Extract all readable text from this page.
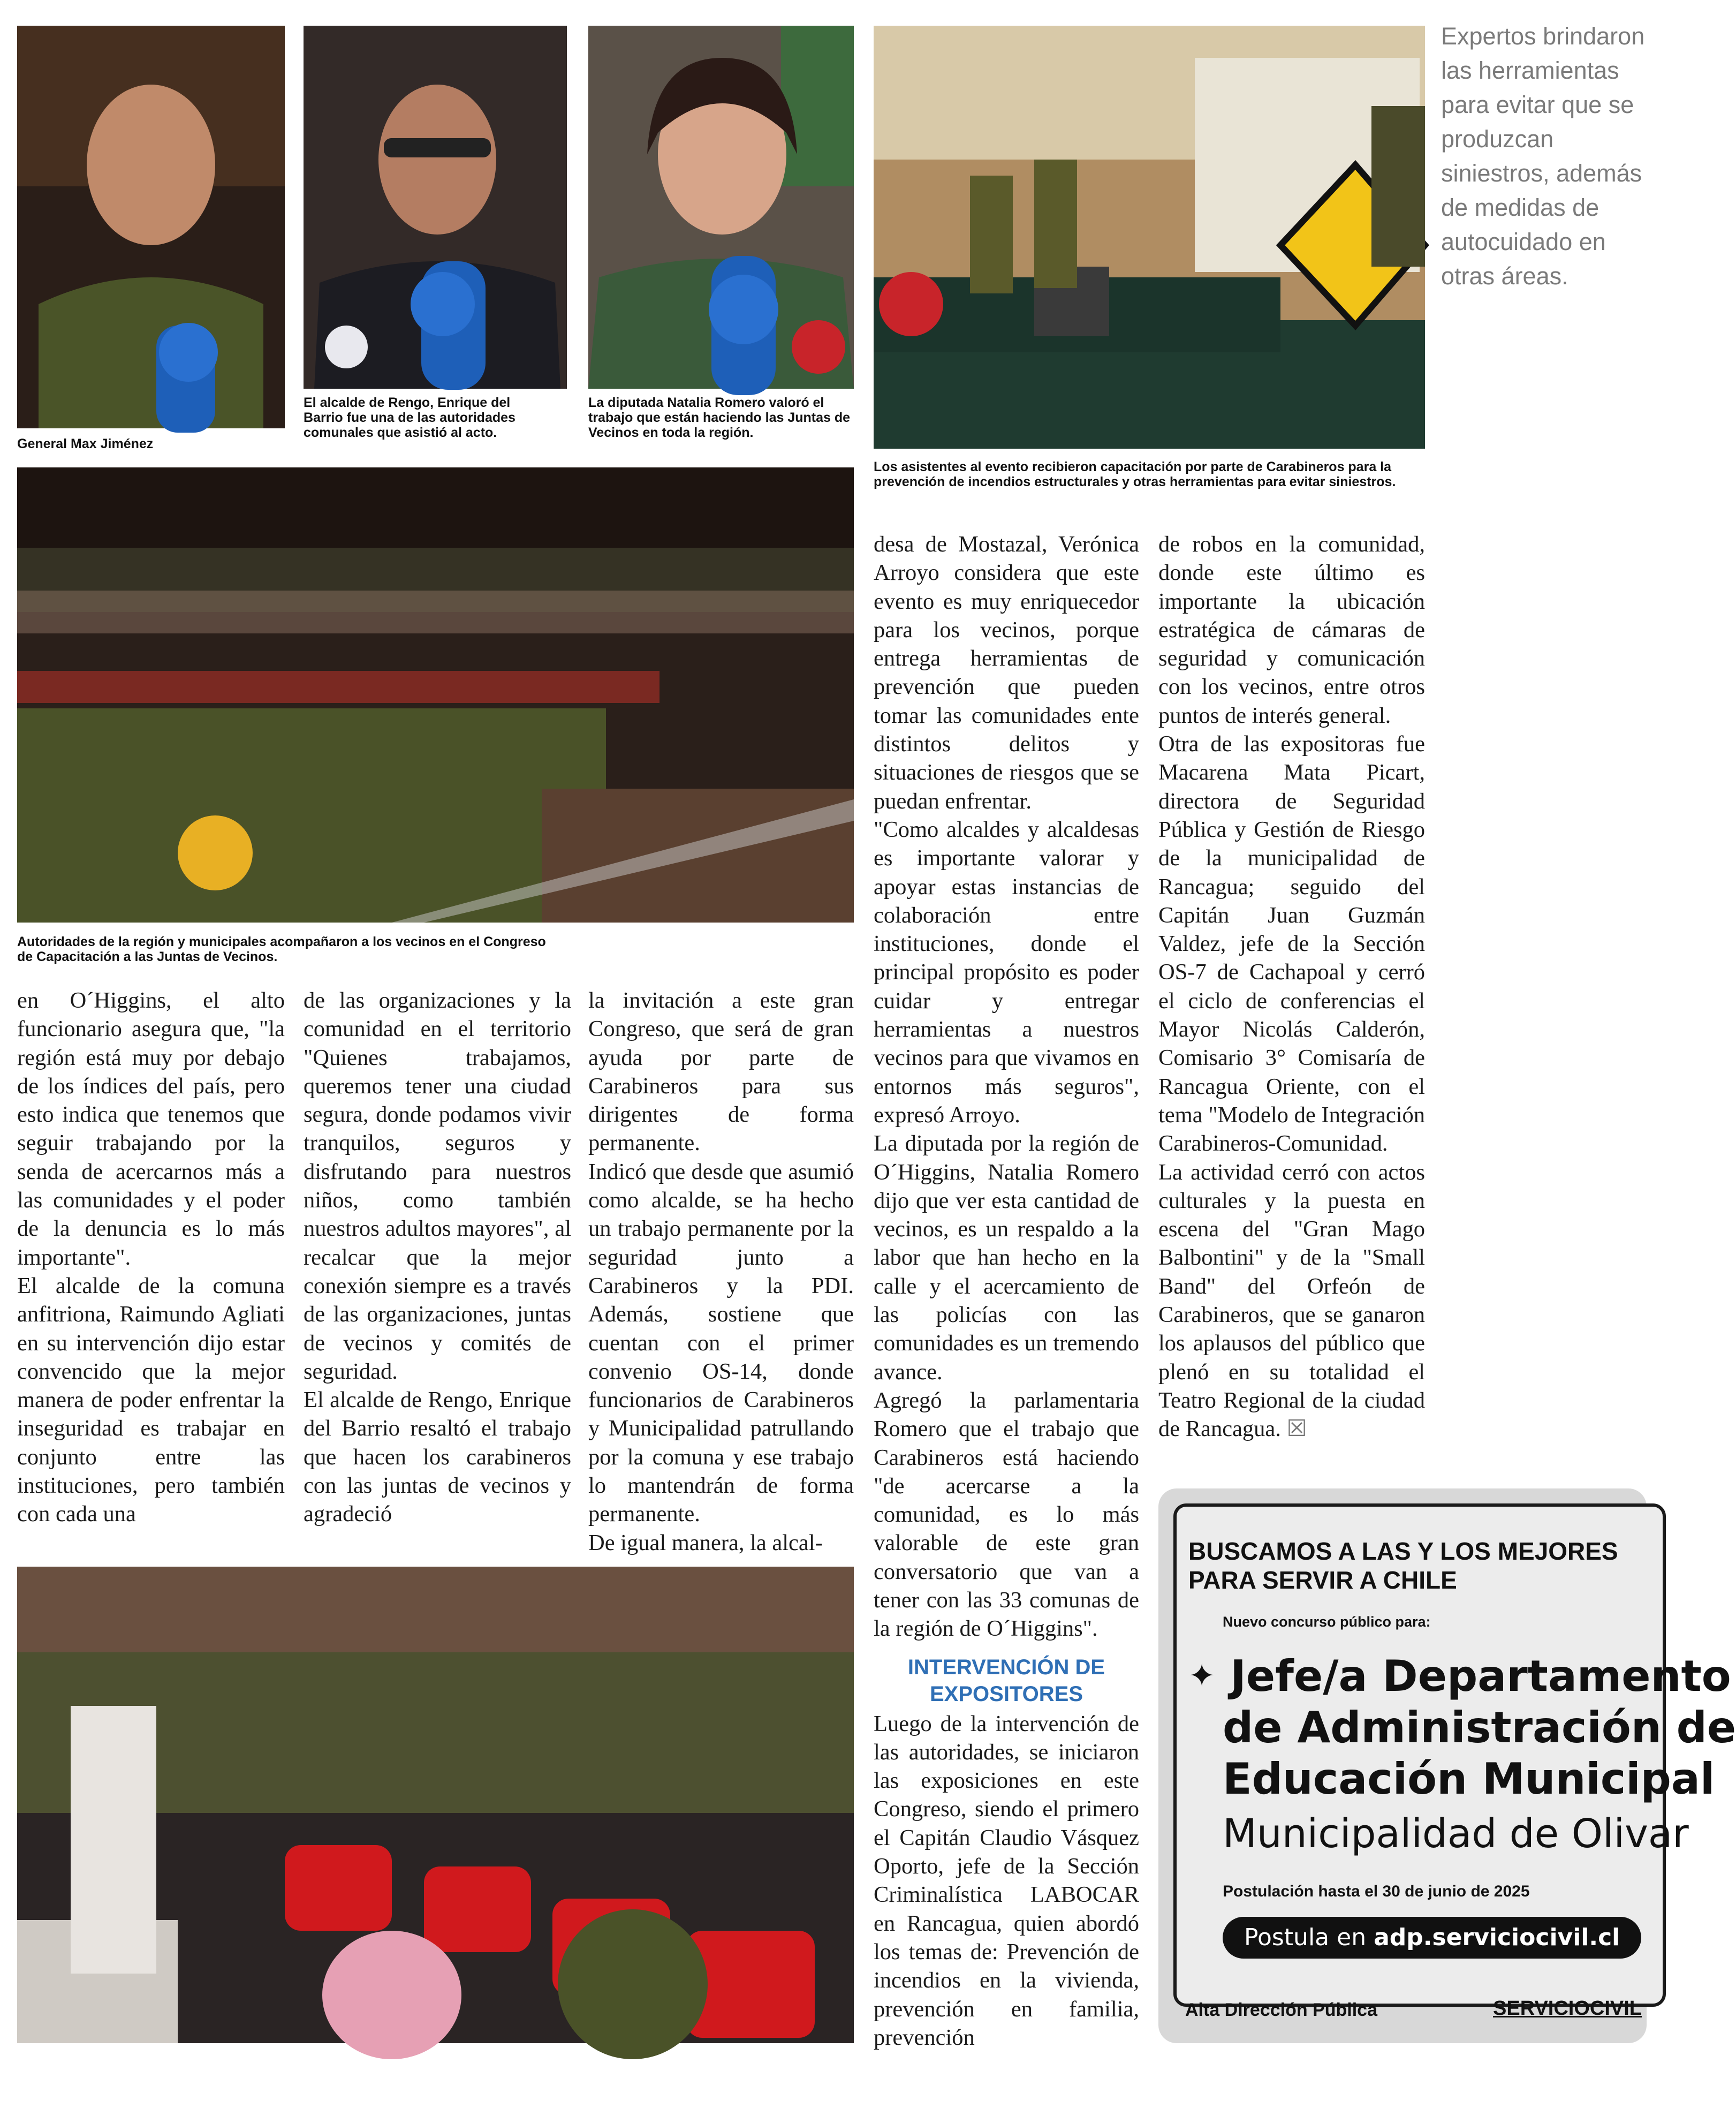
General Max Jiménez
El alcalde de Rengo, Enrique del Barrio fue una de las autoridades comunales que asistió al acto.
La diputada Natalia Romero valoró el trabajo que están haciendo las Juntas de Vecinos en toda la región.
Los asistentes al evento recibieron capacitación por parte de Carabineros para la prevención de incendios estructurales y otras herramientas para evitar siniestros.
Expertos brindaron las herramientas para evitar que se produzcan siniestros, además de medidas de autocuidado en otras áreas.
Autoridades de la región y municipales acompañaron a los vecinos en el Congreso de Capacitación a las Juntas de Vecinos.

en O´Higgins, el alto funcionario asegura que, "la región está muy por debajo de los índices del país, pero esto indica que tenemos que seguir trabajando por la senda de acercarnos más a las comunidades y el poder de la denuncia es lo más importante".

El alcalde de la comuna anfitriona, Raimundo Agliati en su intervención dijo estar convencido que la mejor manera de poder enfrentar la inseguridad es trabajar en conjunto entre las instituciones, pero también con cada una

de las organizaciones y la comunidad en el territorio "Quienes trabajamos, queremos tener una ciudad segura, donde podamos vivir tranquilos, seguros y disfrutando para nuestros niños, como también nuestros adultos mayores", al recalcar que la mejor conexión siempre es a través de las organizaciones, juntas de vecinos y comités de seguridad.

El alcalde de Rengo, Enrique del Barrio resaltó el trabajo que hacen los carabineros con las juntas de vecinos y agradeció

la invitación a este gran Congreso, que será de gran ayuda por parte de Carabineros para sus dirigentes de forma permanente.

Indicó que desde que asumió como alcalde, se ha hecho un trabajo permanente por la seguridad junto a Carabineros y la PDI. Además, sostiene que cuentan con el primer convenio OS-14, donde funcionarios de Carabineros y Municipalidad patrullando por la comuna y ese trabajo lo mantendrán de forma permanente.

De igual manera, la alcal-

desa de Mostazal, Verónica Arroyo considera que este evento es muy enriquecedor para los vecinos, porque entrega herramientas de prevención que pueden tomar las comunidades ente distintos delitos y situaciones de riesgos que se puedan enfrentar.

"Como alcaldes y alcaldesas es importante valorar y apoyar estas instancias de colaboración entre instituciones, donde el principal propósito es poder cuidar y entregar herramientas a nuestros vecinos para que vivamos en entornos más seguros", expresó Arroyo.

La diputada por la región de O´Higgins, Natalia Romero dijo que ver esta cantidad de vecinos, es un respaldo a la labor que han hecho en la calle y el acercamiento de las policías con las comunidades es un tremendo avance.

Agregó la parlamentaria Romero que el trabajo que Carabineros está haciendo "de acercarse a la comunidad, es lo más valorable de este gran conversatorio que van a tener con las 33 comunas de la región de O´Higgins".

INTERVENCIÓN DE EXPOSITORES

Luego de la intervención de las autoridades, se iniciaron las exposiciones en este Congreso, siendo el primero el Capitán Claudio Vásquez Oporto, jefe de la Sección Criminalística LABOCAR en Rancagua, quien abordó los temas de: Prevención de incendios en la vivienda, prevención en familia, prevención

de robos en la comunidad, donde este último es importante la ubicación estratégica de cámaras de seguridad y comunicación con los vecinos, entre otros puntos de interés general.

Otra de las expositoras fue Macarena Mata Picart, directora de Seguridad Pública y Gestión de Riesgo de la municipalidad de Rancagua; seguido del Capitán Juan Guzmán Valdez, jefe de la Sección OS-7 de Cachapoal y cerró el ciclo de conferencias el Mayor Nicolás Calderón, Comisario 3° Comisaría de Rancagua Oriente, con el tema "Modelo de Integración Carabineros-Comunidad.

La actividad cerró con actos culturales y la puesta en escena del "Gran Mago Balbontini" y de la "Small Band" del Orfeón de Carabineros, que se ganaron los aplausos del público que plenó en su totalidad el Teatro Regional de la ciudad de Rancagua. ☒

BUSCAMOS A LAS Y LOS MEJORES
PARA SERVIR A CHILE
Nuevo concurso público para:
✦ Jefe/a Departamento
de Administración de
Educación Municipal
Municipalidad de Olivar
Postulación hasta el 30 de junio de 2025
Postula en adp.serviciocivil.cl
Alta Dirección Pública	SERVICIOCIVIL
